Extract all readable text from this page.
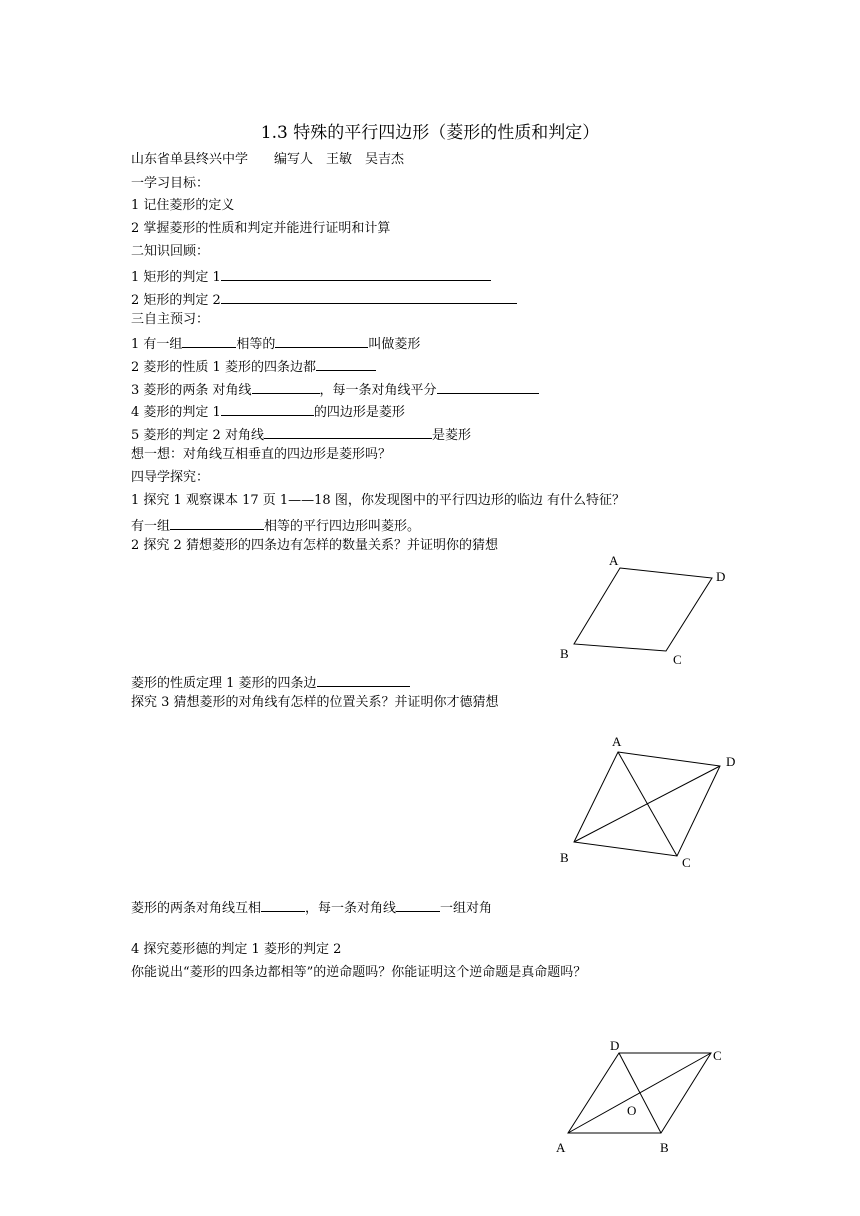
1.3 特殊的平行四边形（菱形的性质和判定）
山东省单县终兴中学　　编写人　王敏　吴吉杰
一学习目标：
1 记住菱形的定义
2 掌握菱形的性质和判定并能进行证明和计算
二知识回顾：
1 矩形的判定 1
2 矩形的判定 2
三自主预习：
1 有一组	相等的	叫做菱形
2 菱形的性质 1 菱形的四条边都
3 菱形的两条 对角线	，每一条对角线平分
4 菱形的判定 1	的四边形是菱形
5 菱形的判定 2 对角线	是菱形
想一想：对角线互相垂直的四边形是菱形吗？
四导学探究：
1 探究 1 观察课本 17 页 1——18 图，你发现图中的平行四边形的临边 有什么特征？
有一组	相等的平行四边形叫菱形。
2 探究 2 猜想菱形的四条边有怎样的数量关系？并证明你的猜想
A
D
B	C
菱形的性质定理 1 菱形的四条边
探究 3 猜想菱形的对角线有怎样的位置关系？并证明你才德猜想
A
D
B	C
菱形的两条对角线互相	，每一条对角线	一组对角
4 探究菱形德的判定 1 菱形的判定 2
你能说出“菱形的四条边都相等”的逆命题吗？你能证明这个逆命题是真命题吗？
D
C
O
A	B
